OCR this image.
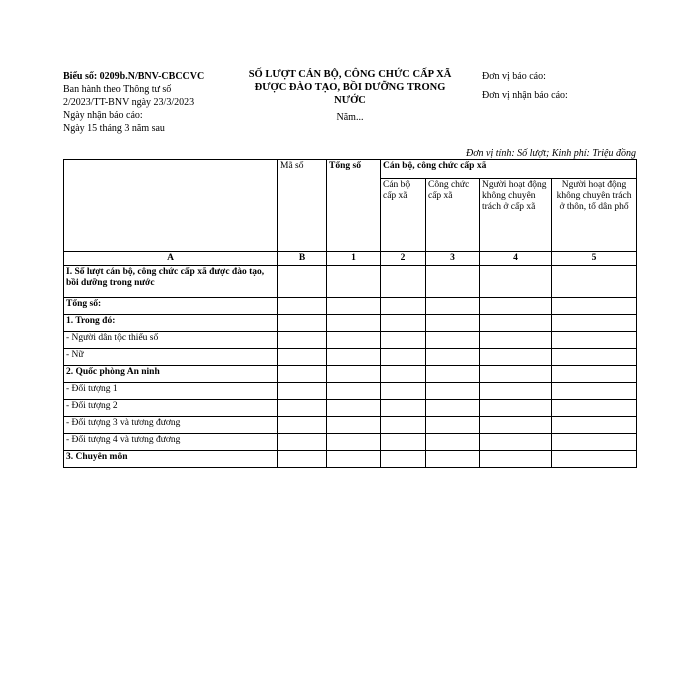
Biểu số: 0209b.N/BNV-CBCCVC
Ban hành theo Thông tư số
2/2023/TT-BNV ngày 23/3/2023
Ngày nhận báo cáo:
Ngày 15 tháng 3 năm sau
SỐ LƯỢT CÁN BỘ, CÔNG CHỨC CẤP XÃ ĐƯỢC ĐÀO TẠO, BỒI DƯỠNG TRONG NƯỚC
Năm...
Đơn vị báo cáo:
Đơn vị nhận báo cáo:
Đơn vị tính: Số lượt; Kinh phí: Triệu đồng
	Mã số	Tổng số	Cán bộ, công chức cấp xã			
			Cán bộ cấp xã	Công chức cấp xã	Người hoạt động không chuyên trách ở cấp xã	Người hoạt động không chuyên trách ở thôn, tổ dân phố
A	B	1	2	3	4	5
I. Số lượt cán bộ, công chức cấp xã được đào tạo, bồi dưỡng trong nước						
Tổng số:						
1. Trong đó:						
- Người dân tộc thiểu số						
- Nữ						
2. Quốc phòng An ninh						
- Đối tượng 1						
- Đối tượng 2						
- Đối tượng 3 và tương đương						
- Đối tượng 4 và tương đương						
3. Chuyên môn						
